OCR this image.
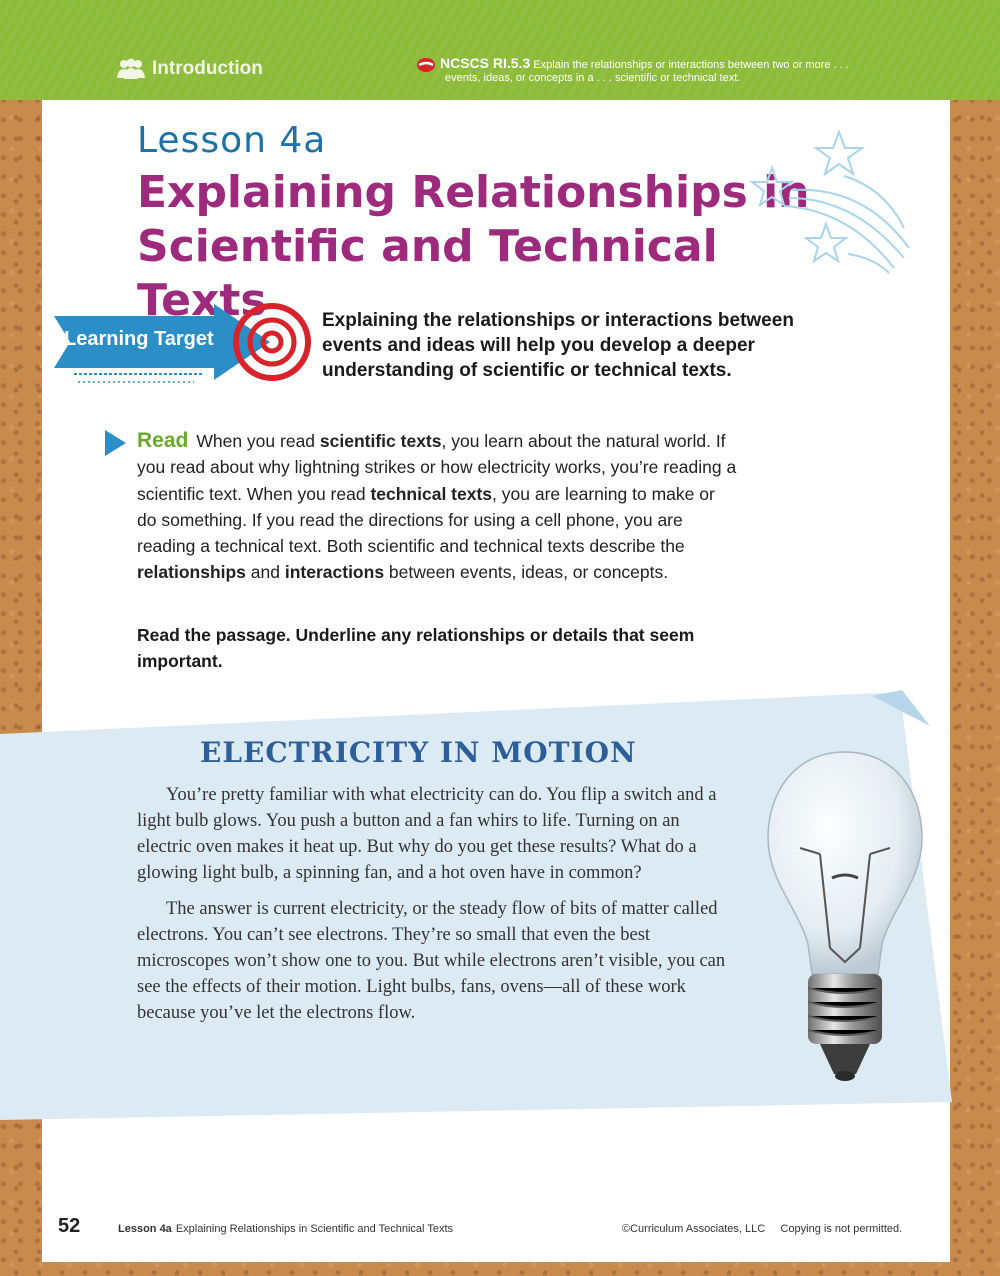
Introduction	NCSCS RI.5.3 Explain the relationships or interactions between two or more . . .
events, ideas, or concepts in a . . . scientific or technical text.
Lesson 4a
Explaining Relationships in Scientific and Technical Texts
Learning Target
Explaining the relationships or interactions between events and ideas will help you develop a deeper understanding of scientific or technical texts.
Read When you read scientific texts, you learn about the natural world. If you read about why lightning strikes or how electricity works, you’re reading a scientific text. When you read technical texts, you are learning to make or do something. If you read the directions for using a cell phone, you are reading a technical text. Both scientific and technical texts describe the relationships and interactions between events, ideas, or concepts.
Read the passage. Underline any relationships or details that seem important.
ELECTRICITY IN MOTION

You’re pretty familiar with what electricity can do. You flip a switch and a light bulb glows. You push a button and a fan whirs to life. Turning on an electric oven makes it heat up. But why do you get these results? What do a glowing light bulb, a spinning fan, and a hot oven have in common?

The answer is current electricity, or the steady flow of bits of matter called electrons. You can’t see electrons. They’re so small that even the best microscopes won’t show one to you. But while electrons aren’t visible, you can see the effects of their motion. Light bulbs, fans, ovens—all of these work because you’ve let the electrons flow.

52	Lesson 4a Explaining Relationships in Scientific and Technical Texts	©Curriculum Associates, LLC Copying is not permitted.
